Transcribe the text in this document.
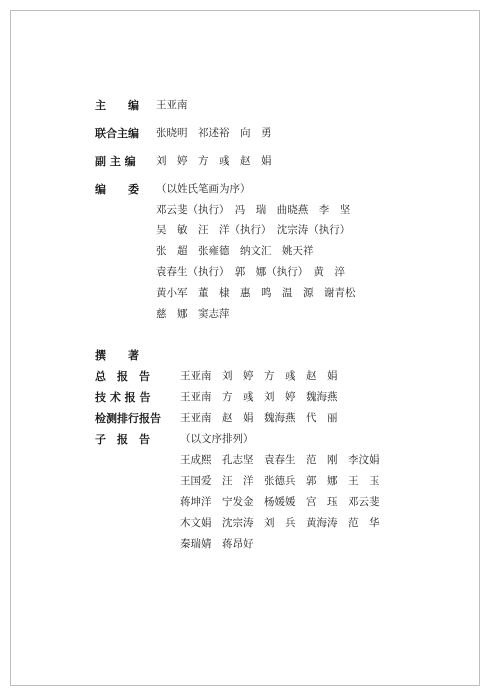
主　　编 王亚南
联合主编 张晓明　祁述裕　向　勇
副 主 编 刘　婷　方　彧　赵　娟
编　　委 （以姓氏笔画为序）
邓云斐（执行）　冯　瑞　曲晓燕　李　坚
吴　敏　汪　洋（执行）　沈宗涛（执行）
张　超　张雍德　纳文汇　姚天祥
袁春生（执行）　郭　娜（执行）　黄　淬
黄小军　董　棣　惠　鸣　温　源　谢青松
慈　娜　窦志萍
撰　　著
总　报　告	王亚南　刘　婷　方　彧　赵　娟
技 术 报 告	王亚南　方　彧　刘　婷　魏海燕
检测排行报告 王亚南　赵　娟　魏海燕　代　丽
子　报　告	（以文序排列）
王成熙　孔志坚　袁春生　范　刚　李汶娟
王国爱　汪　洋　张德兵　郭　娜　王　玉
蒋坤洋　宁发金　杨媛媛　宫　珏　邓云斐
木文娟　沈宗涛　刘　兵　黄海涛　范　华
秦瑞婧　蒋昂好
